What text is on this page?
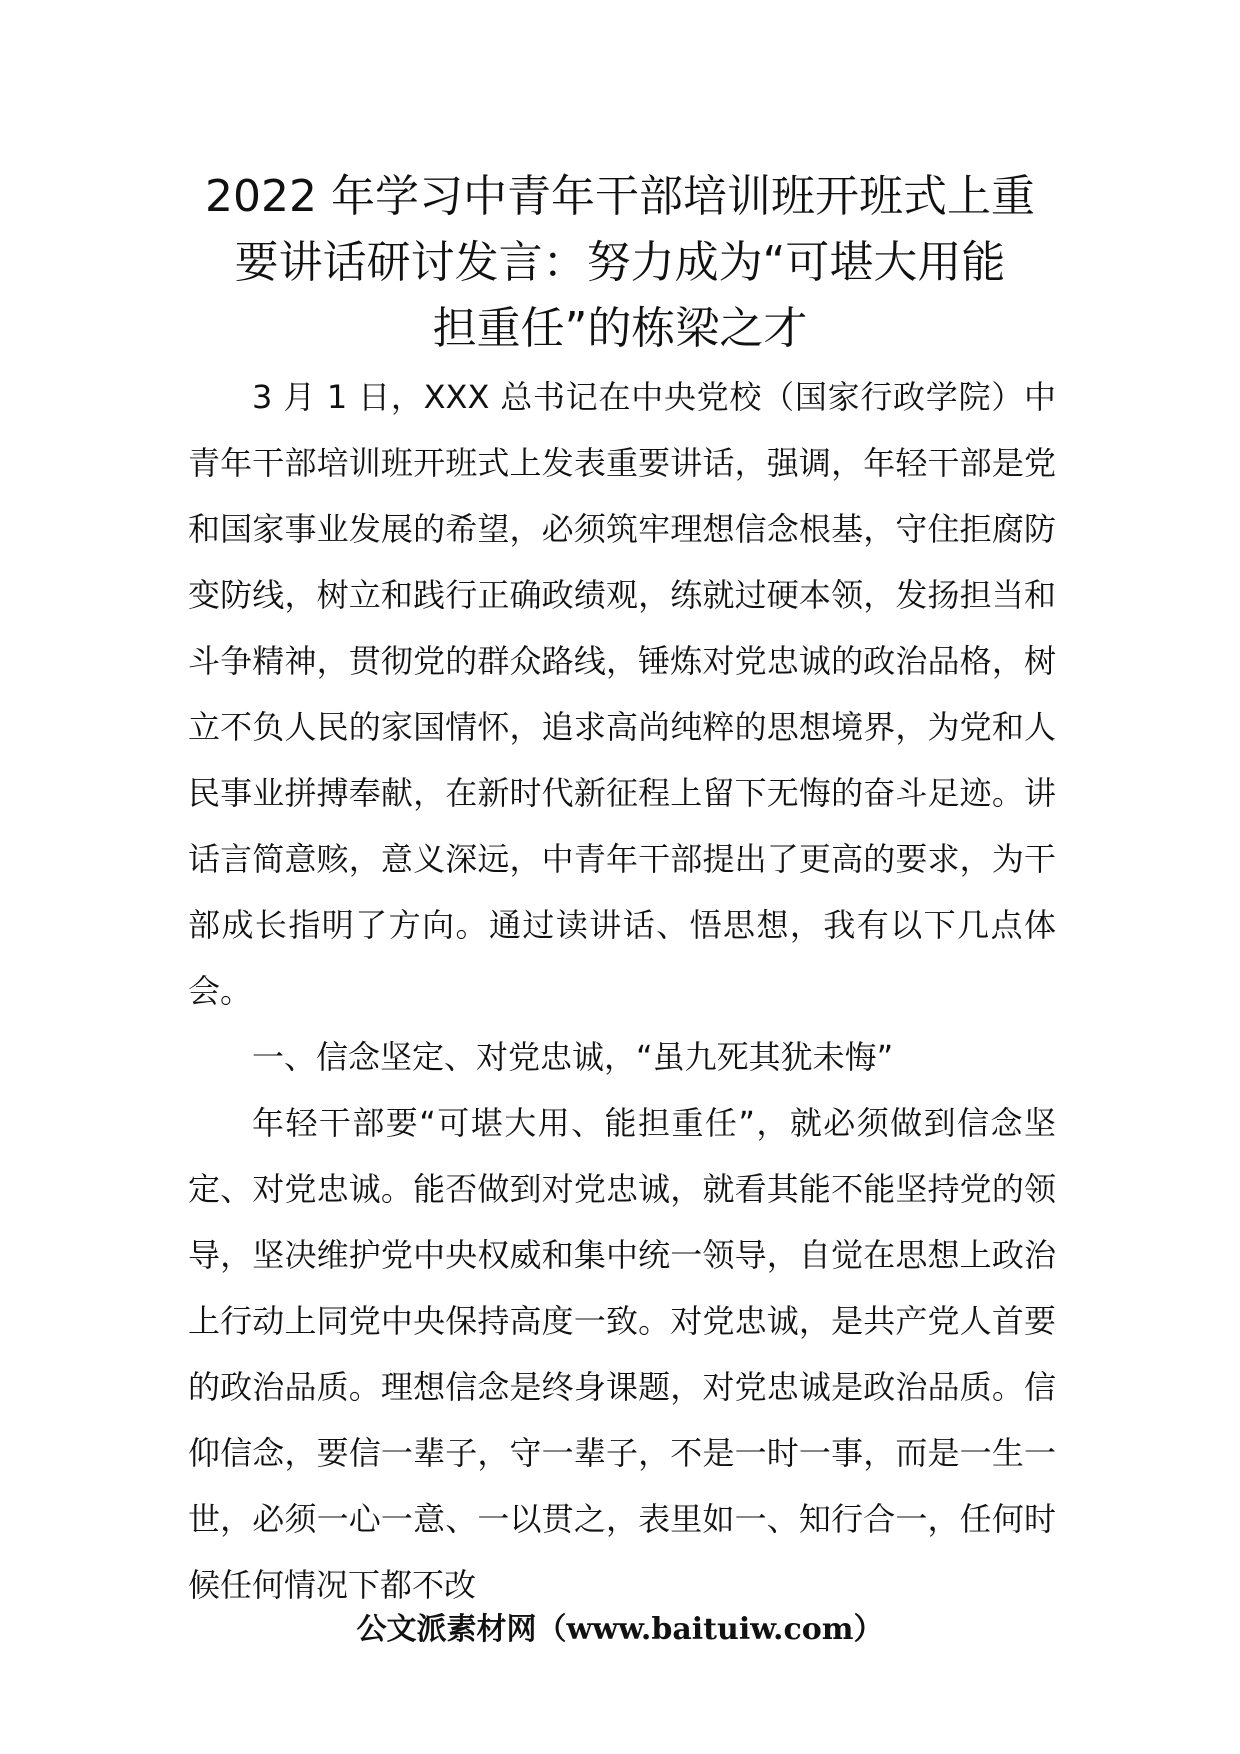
2022 年学习中青年干部培训班开班式上重
要讲话研讨发言：努力成为“可堪大用能
担重任”的栋梁之才

3 月 1 日，XXX 总书记在中央党校（国家行政学院）中青年干部培训班开班式上发表重要讲话，强调，年轻干部是党和国家事业发展的希望，必须筑牢理想信念根基，守住拒腐防变防线，树立和践行正确政绩观，练就过硬本领，发扬担当和斗争精神，贯彻党的群众路线，锤炼对党忠诚的政治品格，树立不负人民的家国情怀，追求高尚纯粹的思想境界，为党和人民事业拼搏奉献，在新时代新征程上留下无悔的奋斗足迹。讲话言简意赅，意义深远，中青年干部提出了更高的要求，为干部成长指明了方向。通过读讲话、悟思想，我有以下几点体会。

一、信念坚定、对党忠诚，“虽九死其犹未悔”

年轻干部要“可堪大用、能担重任”，就必须做到信念坚定、对党忠诚。能否做到对党忠诚，就看其能不能坚持党的领导，坚决维护党中央权威和集中统一领导，自觉在思想上政治上行动上同党中央保持高度一致。对党忠诚，是共产党人首要的政治品质。理想信念是终身课题，对党忠诚是政治品质。信仰信念，要信一辈子，守一辈子，不是一时一事，而是一生一世，必须一心一意、一以贯之，表里如一、知行合一，任何时候任何情况下都不改

公文派素材网（www.baituiw.com）
